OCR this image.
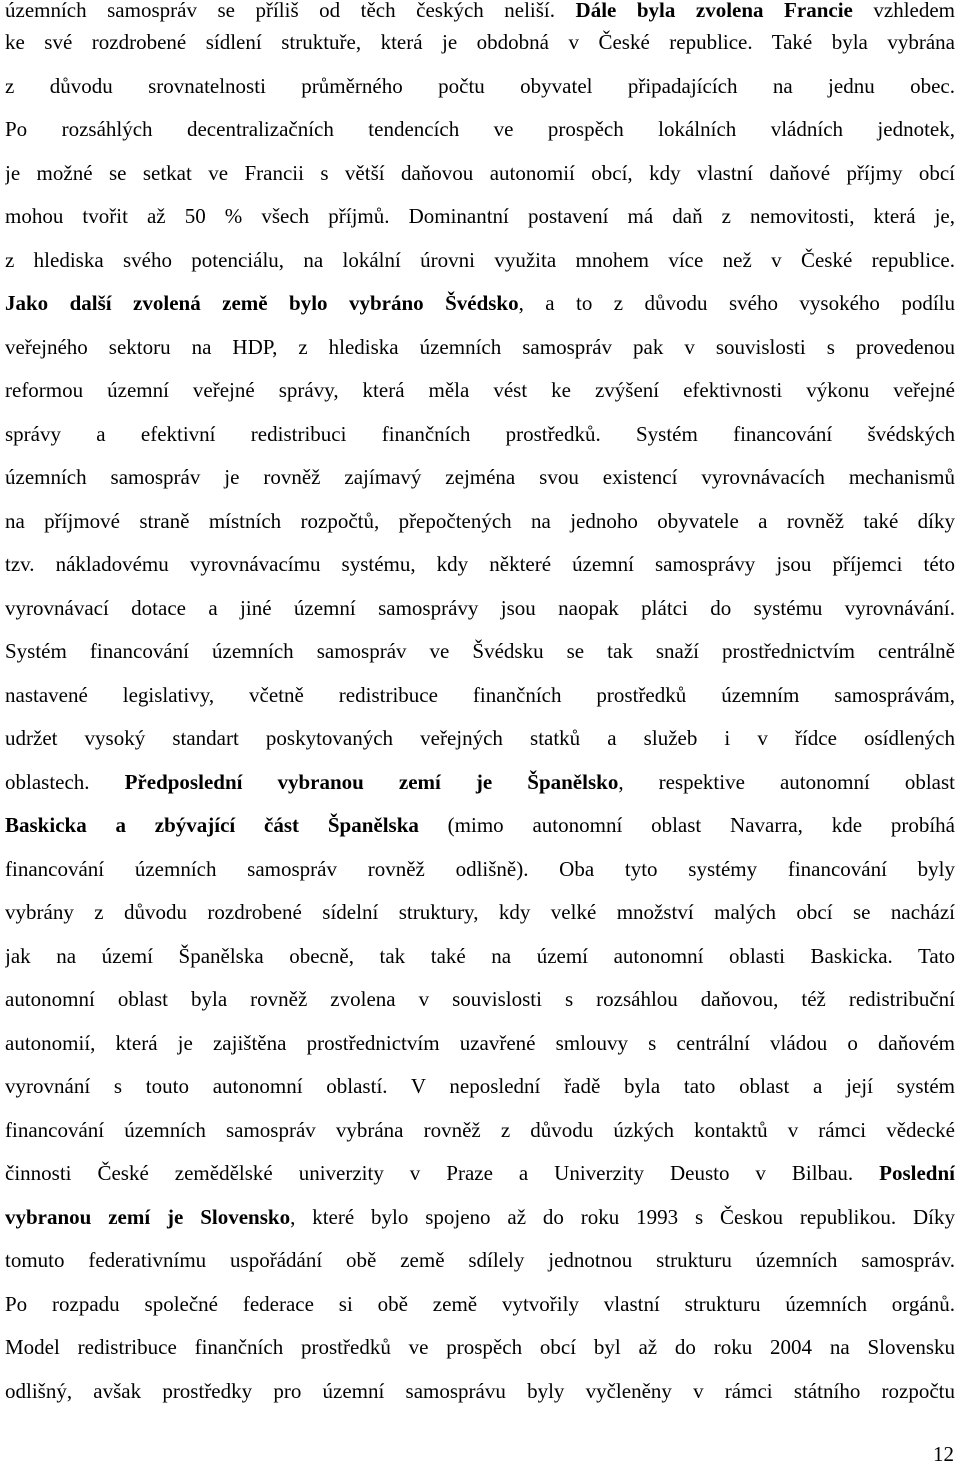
územních samospráv se příliš od těch českých neliší. Dále byla zvolena Francie vzhledem
ke své rozdrobené sídlení struktuře, která je obdobná v České republice. Také byla vybrána
z důvodu srovnatelnosti průměrného počtu obyvatel připadajících na jednu obec.
Po rozsáhlých decentralizačních tendencích ve prospěch lokálních vládních jednotek,
je možné se setkat ve Francii s větší daňovou autonomií obcí, kdy vlastní daňové příjmy obcí
mohou tvořit až 50 % všech příjmů. Dominantní postavení má daň z nemovitosti, která je,
z hlediska svého potenciálu, na lokální úrovni využita mnohem více než v České republice.
Jako další zvolená země bylo vybráno Švédsko, a to z důvodu svého vysokého podílu
veřejného sektoru na HDP, z hlediska územních samospráv pak v souvislosti s provedenou
reformou územní veřejné správy, která měla vést ke zvýšení efektivnosti výkonu veřejné
správy a efektivní redistribuci finančních prostředků. Systém financování švédských
územních samospráv je rovněž zajímavý zejména svou existencí vyrovnávacích mechanismů
na příjmové straně místních rozpočtů, přepočtených na jednoho obyvatele a rovněž také díky
tzv. nákladovému vyrovnávacímu systému, kdy některé územní samosprávy jsou příjemci této
vyrovnávací dotace a jiné územní samosprávy jsou naopak plátci do systému vyrovnávání.
Systém financování územních samospráv ve Švédsku se tak snaží prostřednictvím centrálně
nastavené legislativy, včetně redistribuce finančních prostředků územním samosprávám,
udržet vysoký standart poskytovaných veřejných statků a služeb i v řídce osídlených
oblastech. Předposlední vybranou zemí je Španělsko, respektive autonomní oblast
Baskicka a zbývající část Španělska (mimo autonomní oblast Navarra, kde probíhá
financování územních samospráv rovněž odlišně). Oba tyto systémy financování byly
vybrány z důvodu rozdrobené sídelní struktury, kdy velké množství malých obcí se nachází
jak na území Španělska obecně, tak také na území autonomní oblasti Baskicka. Tato
autonomní oblast byla rovněž zvolena v souvislosti s rozsáhlou daňovou, též redistribuční
autonomií, která je zajištěna prostřednictvím uzavřené smlouvy s centrální vládou o daňovém
vyrovnání s touto autonomní oblastí. V neposlední řadě byla tato oblast a její systém
financování územních samospráv vybrána rovněž z důvodu úzkých kontaktů v rámci vědecké
činnosti České zemědělské univerzity v Praze a Univerzity Deusto v Bilbau. Poslední
vybranou zemí je Slovensko, které bylo spojeno až do roku 1993 s Českou republikou. Díky
tomuto federativnímu uspořádání obě země sdílely jednotnou strukturu územních samospráv.
Po rozpadu společné federace si obě země vytvořily vlastní strukturu územních orgánů.
Model redistribuce finančních prostředků ve prospěch obcí byl až do roku 2004 na Slovensku
odlišný, avšak prostředky pro územní samosprávu byly vyčleněny v rámci státního rozpočtu
12
